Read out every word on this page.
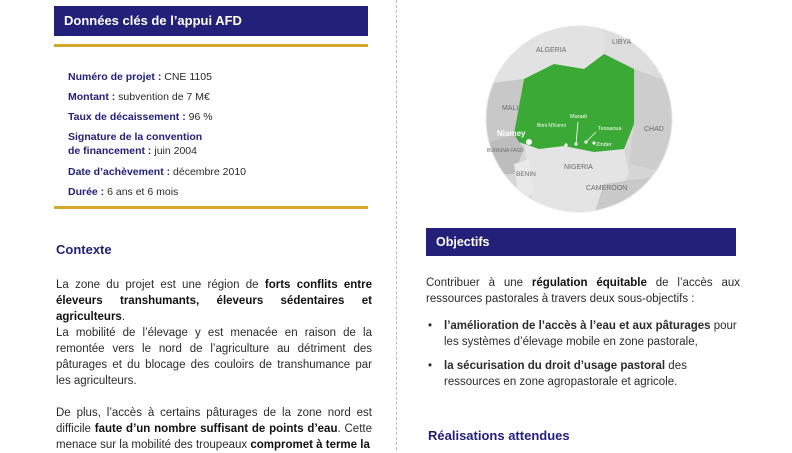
Données clés de l’appui AFD
Numéro de projet : CNE 1105
Montant : subvention de 7 M€
Taux de décaissement : 96 %
Signature de la convention
de financement : juin 2004
Date d’achèvement : décembre 2010
Durée : 6 ans et 6 mois
Contexte
La zone du projet est une région de forts conflits entre éleveurs transhumants, éleveurs sédentaires et agriculteurs.
La mobilité de l’élevage y est menacée en raison de la remontée vers le nord de l’agriculture au détriment des pâturages et du blocage des couloirs de transhumance par les agriculteurs.
De plus, l’accès à certains pâturages de la zone nord est difficile faute d’un nombre suffisant de points d’eau. Cette menace sur la mobilité des troupeaux compromet à terme la
ALGERIA
LIBYA
MALI
CHAD
NIGERIA
BENIN
CAMEROON
BURKINA FASO
Niamey
Maradi
Birni N’Konni	Tessaoua
Zinder
Objectifs
Contribuer à une régulation équitable de l’accès aux ressources pastorales à travers deux sous-objectifs :
• l’amélioration de l’accès à l’eau et aux pâturages pour les systèmes d’élevage mobile en zone pastorale,
• la sécurisation du droit d’usage pastoral des ressources en zone agropastorale et agricole.
Réalisations attendues
